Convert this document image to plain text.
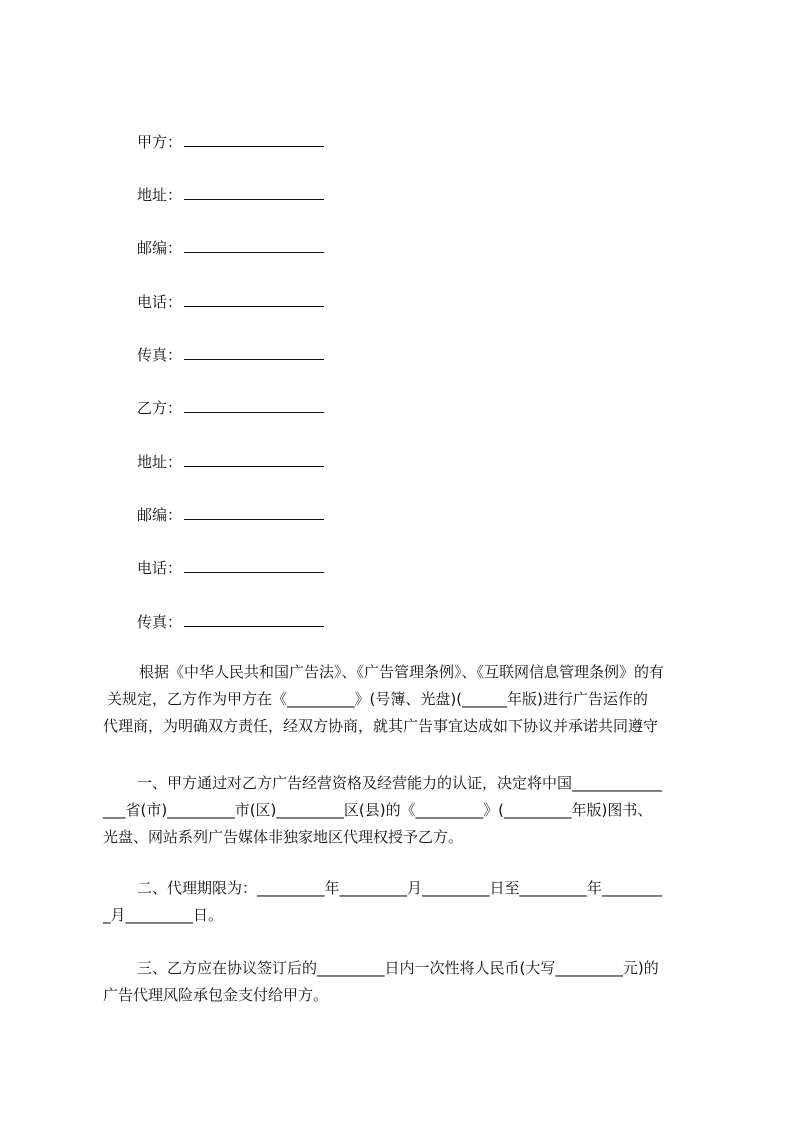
甲方：
地址：
邮编：
电话：
传真：
乙方：
地址：
邮编：
电话：
传真：
根据《中华人民共和国广告法》、《广告管理条例》、《互联网信息管理条例》的有
关规定，乙方作为甲方在《_________》(号簿、光盘)(______年版)进行广告运作的
代理商，为明确双方责任，经双方协商，就其广告事宜达成如下协议并承诺共同遵守
一、甲方通过对乙方广告经营资格及经营能力的认证，决定将中国____________
___省(市)_________市(区)_________区(县)的《_________》(_________年版)图书、
光盘、网站系列广告媒体非独家地区代理权授予乙方。
二、代理期限为：_________年_________月_________日至_________年________
_月_________日。
三、乙方应在协议签订后的_________日内一次性将人民币(大写_________元)的
广告代理风险承包金支付给甲方。
